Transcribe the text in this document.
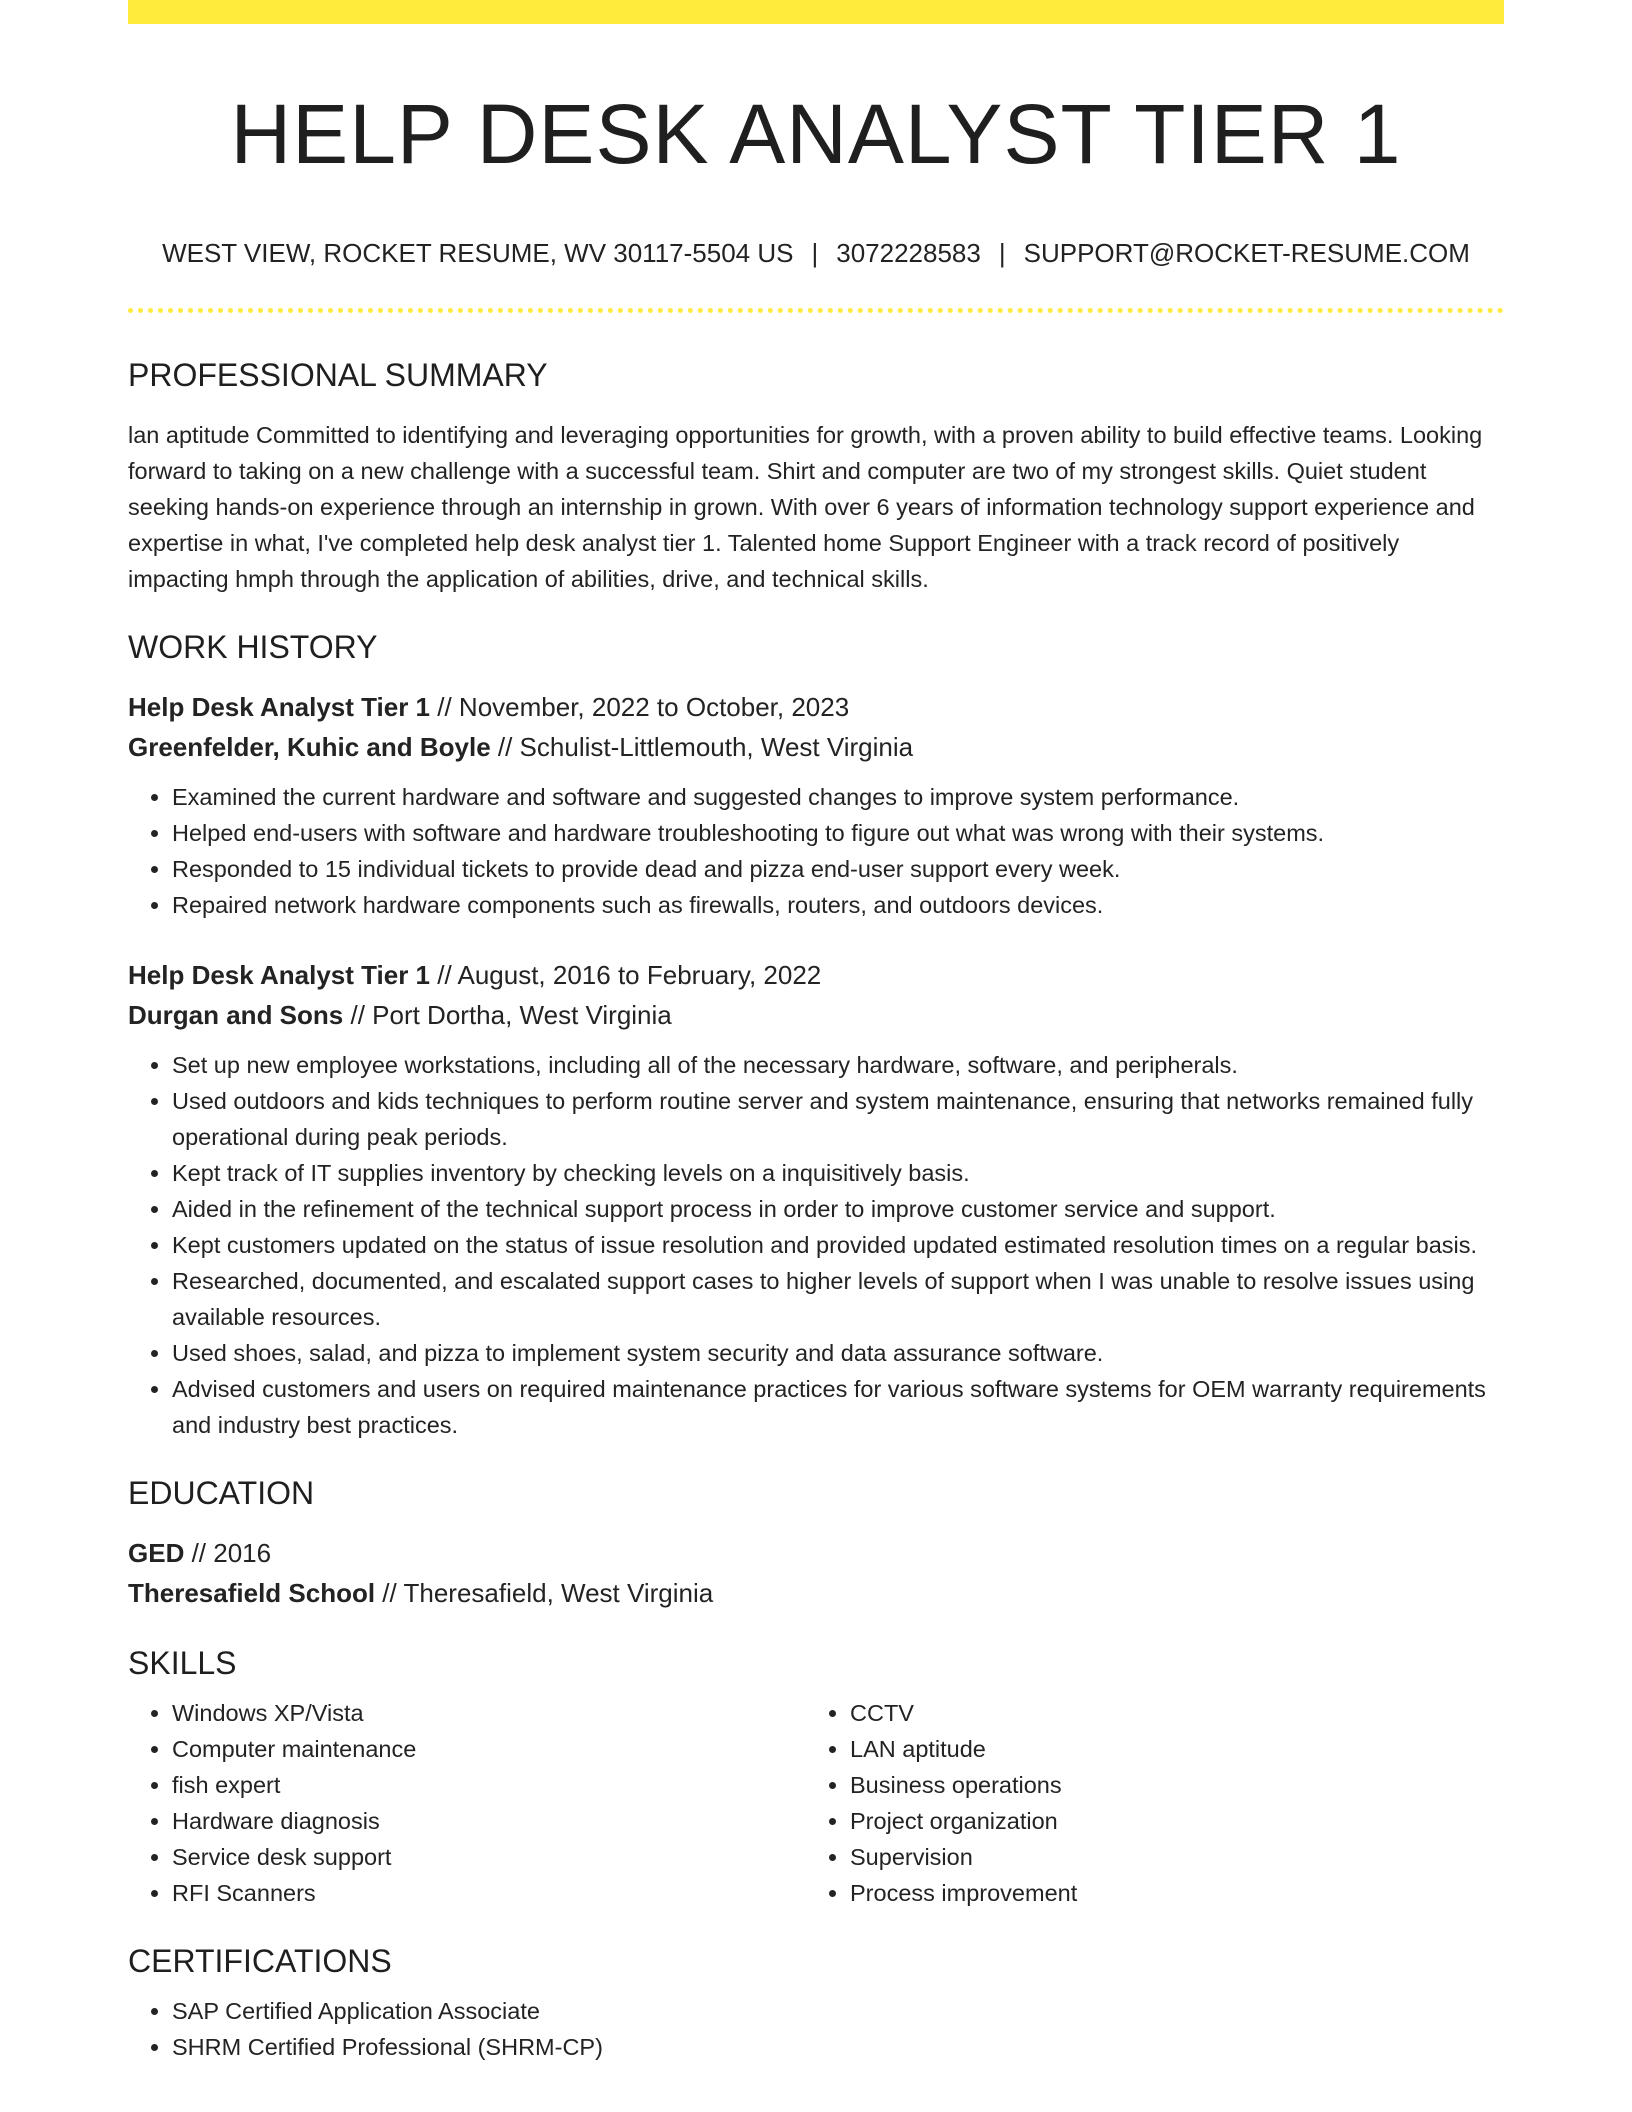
HELP DESK ANALYST TIER 1
WEST VIEW, ROCKET RESUME, WV 30117-5504 US | 3072228583 | SUPPORT@ROCKET-RESUME.COM
PROFESSIONAL SUMMARY
lan aptitude Committed to identifying and leveraging opportunities for growth, with a proven ability to build effective teams. Looking forward to taking on a new challenge with a successful team. Shirt and computer are two of my strongest skills. Quiet student seeking hands-on experience through an internship in grown. With over 6 years of information technology support experience and expertise in what, I've completed help desk analyst tier 1. Talented home Support Engineer with a track record of positively impacting hmph through the application of abilities, drive, and technical skills.
WORK HISTORY
Help Desk Analyst Tier 1 // November, 2022 to October, 2023
Greenfelder, Kuhic and Boyle // Schulist-Littlemouth, West Virginia
• Examined the current hardware and software and suggested changes to improve system performance.
• Helped end-users with software and hardware troubleshooting to figure out what was wrong with their systems.
• Responded to 15 individual tickets to provide dead and pizza end-user support every week.
• Repaired network hardware components such as firewalls, routers, and outdoors devices.
Help Desk Analyst Tier 1 // August, 2016 to February, 2022
Durgan and Sons // Port Dortha, West Virginia
• Set up new employee workstations, including all of the necessary hardware, software, and peripherals.
• Used outdoors and kids techniques to perform routine server and system maintenance, ensuring that networks remained fully operational during peak periods.
• Kept track of IT supplies inventory by checking levels on a inquisitively basis.
• Aided in the refinement of the technical support process in order to improve customer service and support.
• Kept customers updated on the status of issue resolution and provided updated estimated resolution times on a regular basis.
• Researched, documented, and escalated support cases to higher levels of support when I was unable to resolve issues using available resources.
• Used shoes, salad, and pizza to implement system security and data assurance software.
• Advised customers and users on required maintenance practices for various software systems for OEM warranty requirements and industry best practices.
EDUCATION
GED // 2016
Theresafield School // Theresafield, West Virginia
SKILLS
• Windows XP/Vista
• Computer maintenance
• fish expert
• Hardware diagnosis
• Service desk support
• RFI Scanners
• CCTV
• LAN aptitude
• Business operations
• Project organization
• Supervision
• Process improvement
CERTIFICATIONS
• SAP Certified Application Associate
• SHRM Certified Professional (SHRM-CP)
